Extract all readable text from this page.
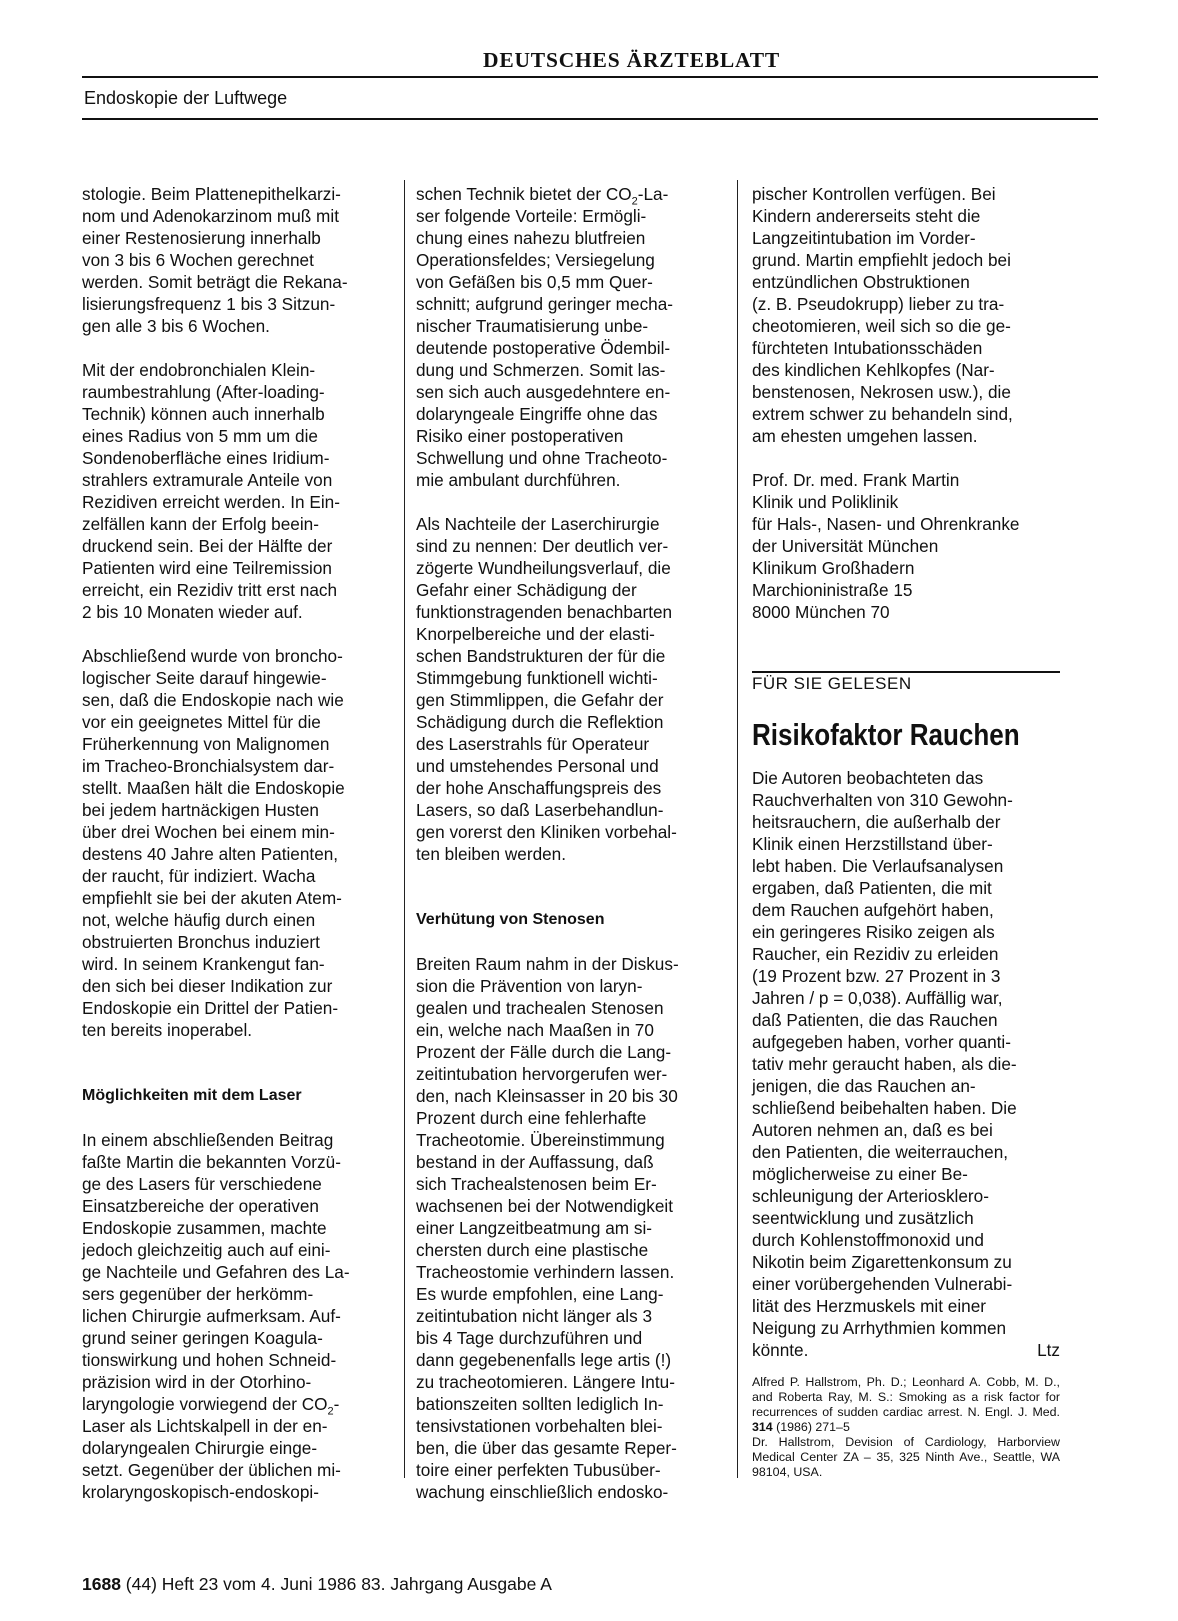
DEUTSCHES ÄRZTEBLATT
Endoskopie der Luftwege

stologie. Beim Plattenepithelkarzi-

nom und Adenokarzinom muß mit

einer Restenosierung innerhalb

von 3 bis 6 Wochen gerechnet

werden. Somit beträgt die Rekana-

lisierungsfrequenz 1 bis 3 Sitzun-

gen alle 3 bis 6 Wochen.

Mit der endobronchialen Klein-

raumbestrahlung (After-loading-

Technik) können auch innerhalb

eines Radius von 5 mm um die

Sondenoberfläche eines Iridium-

strahlers extramurale Anteile von

Rezidiven erreicht werden. In Ein-

zelfällen kann der Erfolg beein-

druckend sein. Bei der Hälfte der

Patienten wird eine Teilremission

erreicht, ein Rezidiv tritt erst nach

2 bis 10 Monaten wieder auf.

Abschließend wurde von broncho-

logischer Seite darauf hingewie-

sen, daß die Endoskopie nach wie

vor ein geeignetes Mittel für die

Früherkennung von Malignomen

im Tracheo-Bronchialsystem dar-

stellt. Maaßen hält die Endoskopie

bei jedem hartnäckigen Husten

über drei Wochen bei einem min-

destens 40 Jahre alten Patienten,

der raucht, für indiziert. Wacha

empfiehlt sie bei der akuten Atem-

not, welche häufig durch einen

obstruierten Bronchus induziert

wird. In seinem Krankengut fan-

den sich bei dieser Indikation zur

Endoskopie ein Drittel der Patien-

ten bereits inoperabel.

Möglichkeiten mit dem Laser

In einem abschließenden Beitrag

faßte Martin die bekannten Vorzü-

ge des Lasers für verschiedene

Einsatzbereiche der operativen

Endoskopie zusammen, machte

jedoch gleichzeitig auch auf eini-

ge Nachteile und Gefahren des La-

sers gegenüber der herkömm-

lichen Chirurgie aufmerksam. Auf-

grund seiner geringen Koagula-

tionswirkung und hohen Schneid-

präzision wird in der Otorhino-

laryngologie vorwiegend der $CO_2-$

Laser als Lichtskalpell in der en-

dolaryngealen Chirurgie einge-

setzt. Gegenüber der üblichen mi-

krolaryngoskopisch-endoskopi-

schen Technik bietet der $CO_2-La-$

ser folgende Vorteile: Ermögli-

chung eines nahezu blutfreien

Operationsfeldes; Versiegelung

von Gefäßen bis 0,5 mm Quer-

schnitt; aufgrund geringer mecha-

nischer Traumatisierung unbe-

deutende postoperative Ödembil-

dung und Schmerzen. Somit las-

sen sich auch ausgedehntere en-

dolaryngeale Eingriffe ohne das

Risiko einer postoperativen

Schwellung und ohne Tracheoto-

mie ambulant durchführen.

Als Nachteile der Laserchirurgie

sind zu nennen: Der deutlich ver-

zögerte Wundheilungsverlauf, die

Gefahr einer Schädigung der

funktionstragenden benachbarten

Knorpelbereiche und der elasti-

schen Bandstrukturen der für die

Stimmgebung funktionell wichti-

gen Stimmlippen, die Gefahr der

Schädigung durch die Reflektion

des Laserstrahls für Operateur

und umstehendes Personal und

der hohe Anschaffungspreis des

Lasers, so daß Laserbehandlun-

gen vorerst den Kliniken vorbehal-

ten bleiben werden.

Verhütung von Stenosen

Breiten Raum nahm in der Diskus-

sion die Prävention von laryn-

gealen und trachealen Stenosen

ein, welche nach Maaßen in 70

Prozent der Fälle durch die Lang-

zeitintubation hervorgerufen wer-

den, nach Kleinsasser in 20 bis 30

Prozent durch eine fehlerhafte

Tracheotomie. Übereinstimmung

bestand in der Auffassung, daß

sich Trachealstenosen beim Er-

wachsenen bei der Notwendigkeit

einer Langzeitbeatmung am si-

chersten durch eine plastische

Tracheostomie verhindern lassen.

Es wurde empfohlen, eine Lang-

zeitintubation nicht länger als 3

bis 4 Tage durchzuführen und

dann gegebenenfalls lege artis (!)

zu tracheotomieren. Längere Intu-

bationszeiten sollten lediglich In-

tensivstationen vorbehalten blei-

ben, die über das gesamte Reper-

toire einer perfekten Tubusüber-

wachung einschließlich endosko-

pischer Kontrollen verfügen. Bei

Kindern andererseits steht die

Langzeitintubation im Vorder-

grund. Martin empfiehlt jedoch bei

entzündlichen Obstruktionen

(z. B. Pseudokrupp) lieber zu tra-

cheotomieren, weil sich so die ge-

fürchteten Intubationsschäden

des kindlichen Kehlkopfes (Nar-

benstenosen, Nekrosen usw.), die

extrem schwer zu behandeln sind,

am ehesten umgehen lassen.

Prof. Dr. med. Frank Martin

Klinik und Poliklinik

für Hals-, Nasen- und Ohrenkranke

der Universität München

Klinikum Großhadern

Marchioninistraße 15

8000 München 70

FÜR SIE GELESEN

Risikofaktor Rauchen

Die Autoren beobachteten das

Rauchverhalten von 310 Gewohn-

heitsrauchern, die außerhalb der

Klinik einen Herzstillstand über-

lebt haben. Die Verlaufsanalysen

ergaben, daß Patienten, die mit

dem Rauchen aufgehört haben,

ein geringeres Risiko zeigen als

Raucher, ein Rezidiv zu erleiden

(19 Prozent bzw. 27 Prozent in 3

Jahren / p = 0,038). Auffällig war,

daß Patienten, die das Rauchen

aufgegeben haben, vorher quanti-

tativ mehr geraucht haben, als die-

jenigen, die das Rauchen an-

schließend beibehalten haben. Die

Autoren nehmen an, daß es bei

den Patienten, die weiterrauchen,

möglicherweise zu einer Be-

schleunigung der Arteriosklero-

seentwicklung und zusätzlich

durch Kohlenstoffmonoxid und

Nikotin beim Zigarettenkonsum zu

einer vorübergehenden Vulnerabi-

lität des Herzmuskels mit einer

Neigung zu Arrhythmien kommen

könnte.	Ltz

Alfred P. Hallstrom, Ph. D.; Leonhard A. Cobb, M. D., and Roberta Ray, M. S.: Smoking as a risk factor for recurrences of sudden cardiac arrest. N. Engl. J. Med. 314 (1986) 271–5

Dr. Hallstrom, Devision of Cardiology, Harborview Medical Center ZA – 35, 325 Ninth Ave., Seattle, WA 98104, USA.

1688 (44) Heft 23 vom 4. Juni 1986 83. Jahrgang Ausgabe A
